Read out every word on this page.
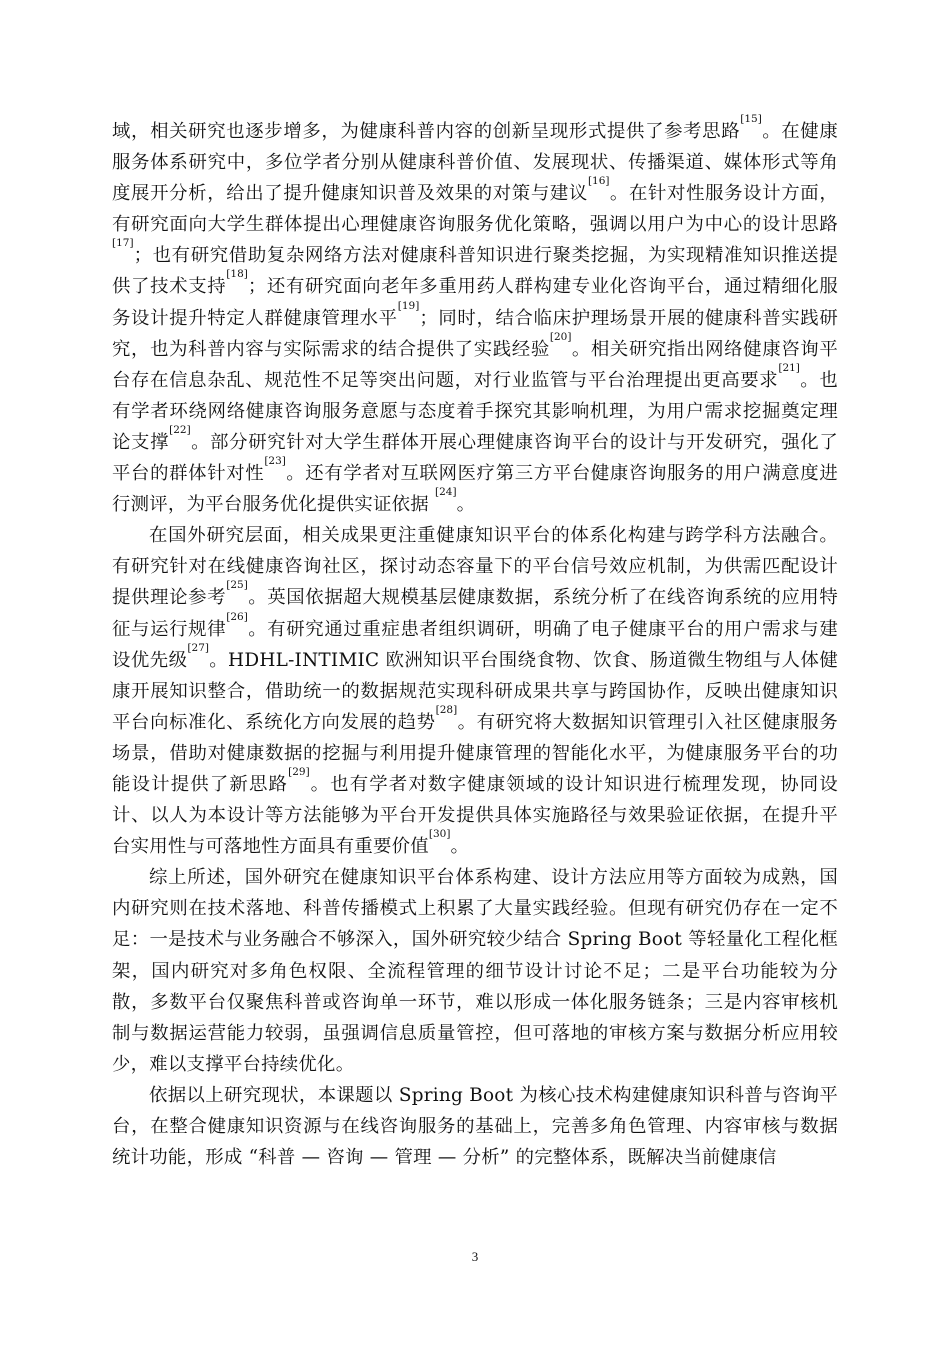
域，相关研究也逐步增多，为健康科普内容的创新呈现形式提供了参考思路[15]。在健康服务体系研究中，多位学者分别从健康科普价值、发展现状、传播渠道、媒体形式等角度展开分析，给出了提升健康知识普及效果的对策与建议[16]。在针对性服务设计方面，有研究面向大学生群体提出心理健康咨询服务优化策略，强调以用户为中心的设计思路[17]；也有研究借助复杂网络方法对健康科普知识进行聚类挖掘，为实现精准知识推送提供了技术支持[18]；还有研究面向老年多重用药人群构建专业化咨询平台，通过精细化服务设计提升特定人群健康管理水平[19]；同时，结合临床护理场景开展的健康科普实践研究，也为科普内容与实际需求的结合提供了实践经验[20]。相关研究指出网络健康咨询平台存在信息杂乱、规范性不足等突出问题，对行业监管与平台治理提出更高要求[21]。也有学者环绕网络健康咨询服务意愿与态度着手探究其影响机理，为用户需求挖掘奠定理论支撑[22]。部分研究针对大学生群体开展心理健康咨询平台的设计与开发研究，强化了平台的群体针对性[23]。还有学者对互联网医疗第三方平台健康咨询服务的用户满意度进行测评，为平台服务优化提供实证依据 [24]。

在国外研究层面，相关成果更注重健康知识平台的体系化构建与跨学科方法融合。有研究针对在线健康咨询社区，探讨动态容量下的平台信号效应机制，为供需匹配设计提供理论参考[25]。英国依据超大规模基层健康数据，系统分析了在线咨询系统的应用特征与运行规律[26]。有研究通过重症患者组织调研，明确了电子健康平台的用户需求与建设优先级[27]。HDHL-INTIMIC 欧洲知识平台围绕食物、饮食、肠道微生物组与人体健康开展知识整合，借助统一的数据规范实现科研成果共享与跨国协作，反映出健康知识平台向标准化、系统化方向发展的趋势[28]。有研究将大数据知识管理引入社区健康服务场景，借助对健康数据的挖掘与利用提升健康管理的智能化水平，为健康服务平台的功能设计提供了新思路[29]。也有学者对数字健康领域的设计知识进行梳理发现，协同设计、以人为本设计等方法能够为平台开发提供具体实施路径与效果验证依据，在提升平台实用性与可落地性方面具有重要价值[30]。

综上所述，国外研究在健康知识平台体系构建、设计方法应用等方面较为成熟，国内研究则在技术落地、科普传播模式上积累了大量实践经验。但现有研究仍存在一定不足：一是技术与业务融合不够深入，国外研究较少结合 Spring Boot 等轻量化工程化框架，国内研究对多角色权限、全流程管理的细节设计讨论不足；二是平台功能较为分散，多数平台仅聚焦科普或咨询单一环节，难以形成一体化服务链条；三是内容审核机制与数据运营能力较弱，虽强调信息质量管控，但可落地的审核方案与数据分析应用较少，难以支撑平台持续优化。

依据以上研究现状，本课题以 Spring Boot 为核心技术构建健康知识科普与咨询平台，在整合健康知识资源与在线咨询服务的基础上，完善多角色管理、内容审核与数据统计功能，形成 “科普 — 咨询 — 管理 — 分析” 的完整体系，既解决当前健康信

3
